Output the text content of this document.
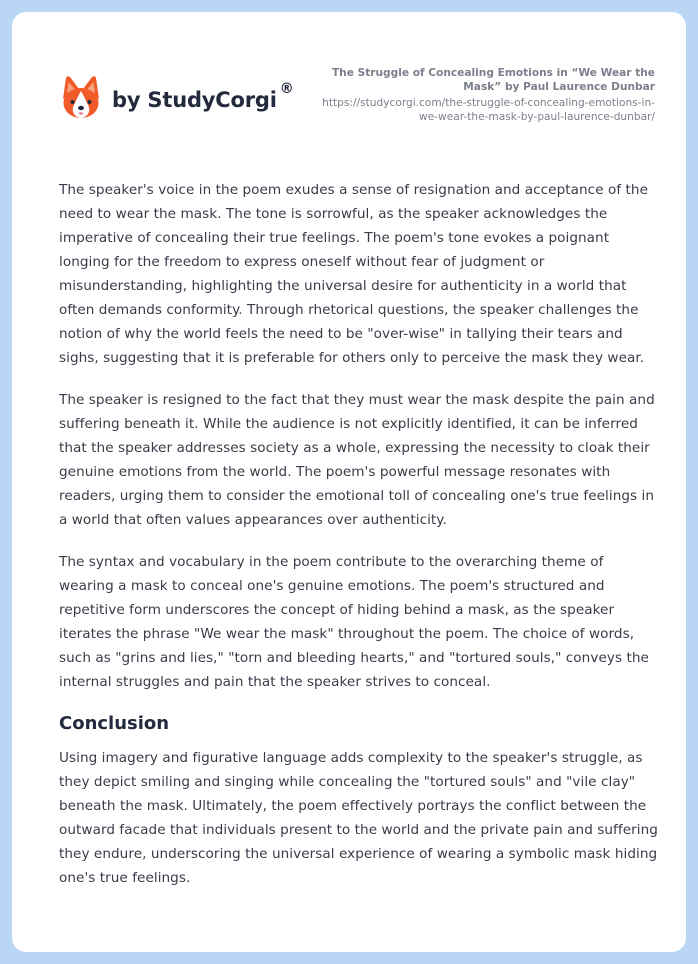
by StudyCorgi ®
The Struggle of Concealing Emotions in “We Wear the Mask” by Paul Laurence Dunbar
https://studycorgi.com/the-struggle-of-concealing-emotions-in-we-wear-the-mask-by-paul-laurence-dunbar/

The speaker's voice in the poem exudes a sense of resignation and acceptance of the need to wear the mask. The tone is sorrowful, as the speaker acknowledges the imperative of concealing their true feelings. The poem's tone evokes a poignant longing for the freedom to express oneself without fear of judgment or misunderstanding, highlighting the universal desire for authenticity in a world that often demands conformity. Through rhetorical questions, the speaker challenges the notion of why the world feels the need to be "over-wise" in tallying their tears and sighs, suggesting that it is preferable for others only to perceive the mask they wear.

The speaker is resigned to the fact that they must wear the mask despite the pain and suffering beneath it. While the audience is not explicitly identified, it can be inferred that the speaker addresses society as a whole, expressing the necessity to cloak their genuine emotions from the world. The poem's powerful message resonates with readers, urging them to consider the emotional toll of concealing one's true feelings in a world that often values appearances over authenticity.

The syntax and vocabulary in the poem contribute to the overarching theme of wearing a mask to conceal one's genuine emotions. The poem's structured and repetitive form underscores the concept of hiding behind a mask, as the speaker iterates the phrase "We wear the mask" throughout the poem. The choice of words, such as "grins and lies," "torn and bleeding hearts," and "tortured souls," conveys the internal struggles and pain that the speaker strives to conceal.

Conclusion

Using imagery and figurative language adds complexity to the speaker's struggle, as they depict smiling and singing while concealing the "tortured souls" and "vile clay" beneath the mask. Ultimately, the poem effectively portrays the conflict between the outward facade that individuals present to the world and the private pain and suffering they endure, underscoring the universal experience of wearing a symbolic mask hiding one's true feelings.
